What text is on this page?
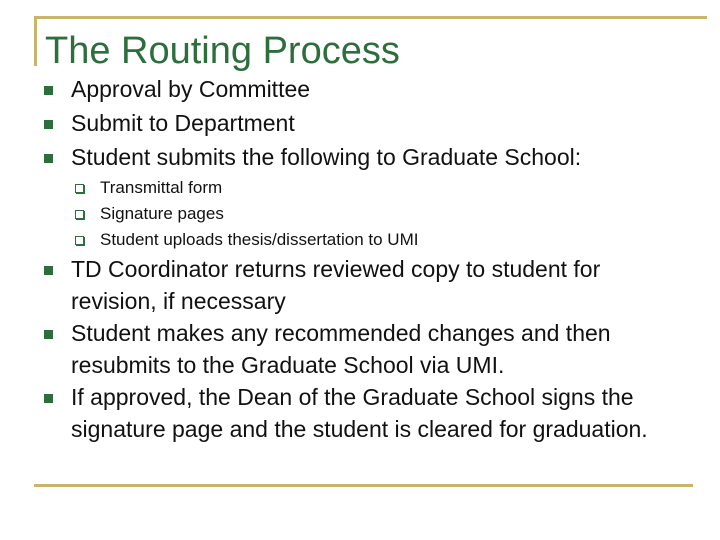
The Routing Process
Approval by Committee
Submit to Department
Student submits the following to Graduate School:
Transmittal form
Signature pages
Student uploads thesis/dissertation to UMI
TD Coordinator returns reviewed copy to student for revision, if necessary
Student makes any recommended changes and then resubmits to the Graduate School via UMI.
If approved, the Dean of the Graduate School signs the signature page and the student is cleared for graduation.
